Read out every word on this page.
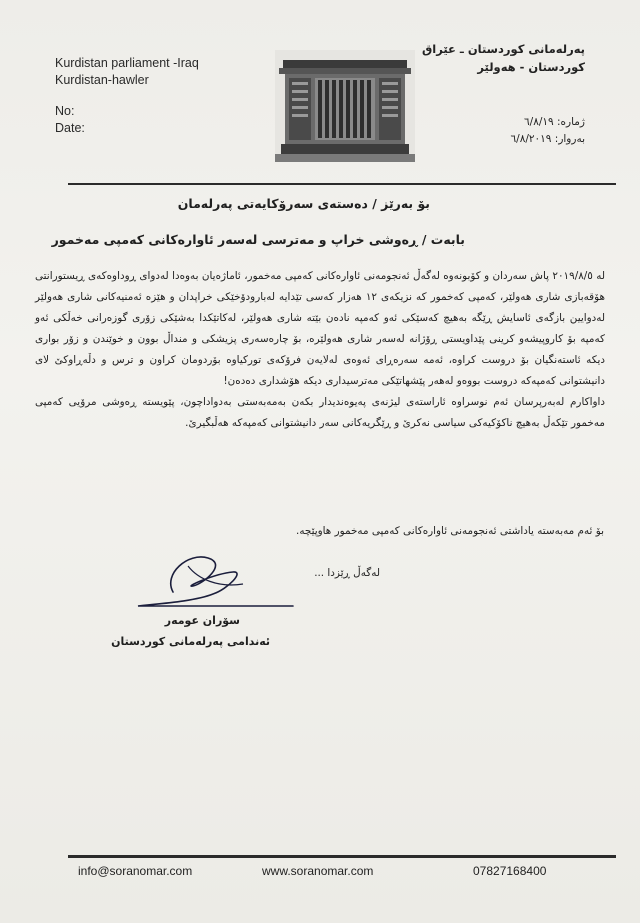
Kurdistan parliament -Iraq
Kurdistan-hawler
No:
Date:
پەرلەمانی کوردستان ـ عێراق
کوردستان - هەولێر
ژمارە: ٦/٨/١٩
بەروار: ٦/٨/٢٠١٩
بۆ بەرێز / دەستەی سەرۆکایەتی پەرلەمان
بابەت / ڕەوشی خراپ و مەترسی لەسەر ئاوارەکانی کەمپی مەخمور

له ٢٠١٩/٨/٥ پاش سەردان و کۆبونەوە لەگەڵ ئەنجومەنی ئاوارەکانی کەمپی مەخمور، ئاماژەیان بەوەدا لەدوای ڕوداوەکەی ڕیستورانتی هۆقەبازی شاری هەولێر، کەمپی کەخمور کە نزیکەی ١٢ هەزار کەسی تێدایە لەبارودۆخێکی خراپدان و هێزە ئەمنیەکانی شاری هەولێر لەدوایین بازگەی ئاسایش ڕێگە بەهیچ کەسێکی ئەو کەمپە نادەن بێتە شاری هەولێر، لەکاتێکدا بەشێکی زۆری گوزەرانی خەڵکی ئەو کەمپە بۆ کاروپیشەو کرینی پێداویستی ڕۆژانە لەسەر شاری هەولێرە، بۆ چارەسەری پزیشکی و منداڵ بوون و خوێندن و زۆر بواری دیکە ئاستەنگیان بۆ دروست کراوە، ئەمە سەرەڕای ئەوەی لەلایەن فرۆکەی تورکیاوە بۆردومان کراون و ترس و دڵەڕاوکێ لای دانیشتوانی کەمپەکە دروست بووەو لەهەر پێشهاتێکی مەترسیداری دیکە هۆشداری دەدەن!

داواکارم لەبەرپرسان ئەم نوسراوە ئاراستەی لیژنەی پەیوەندیدار بکەن بەمەبەستی بەدواداچون، پێویستە ڕەوشی مرۆیی کەمپی مەخمور تێکەڵ بەهیچ ناکۆکیەکی سیاسی نەکرێ و ڕێگریەکانی سەر دانیشتوانی کەمپەکە هەڵبگیرێ.

بۆ ئەم مەبەستە یاداشتی ئەنجومەنی ئاوارەکانی کەمپی مەخمور هاوپێچە.
لەگەڵ ڕێزدا ...
سۆران عومەر
ئەندامی پەرلەمانی کوردستان
info@soranomar.com	www.soranomar.com	07827168400
